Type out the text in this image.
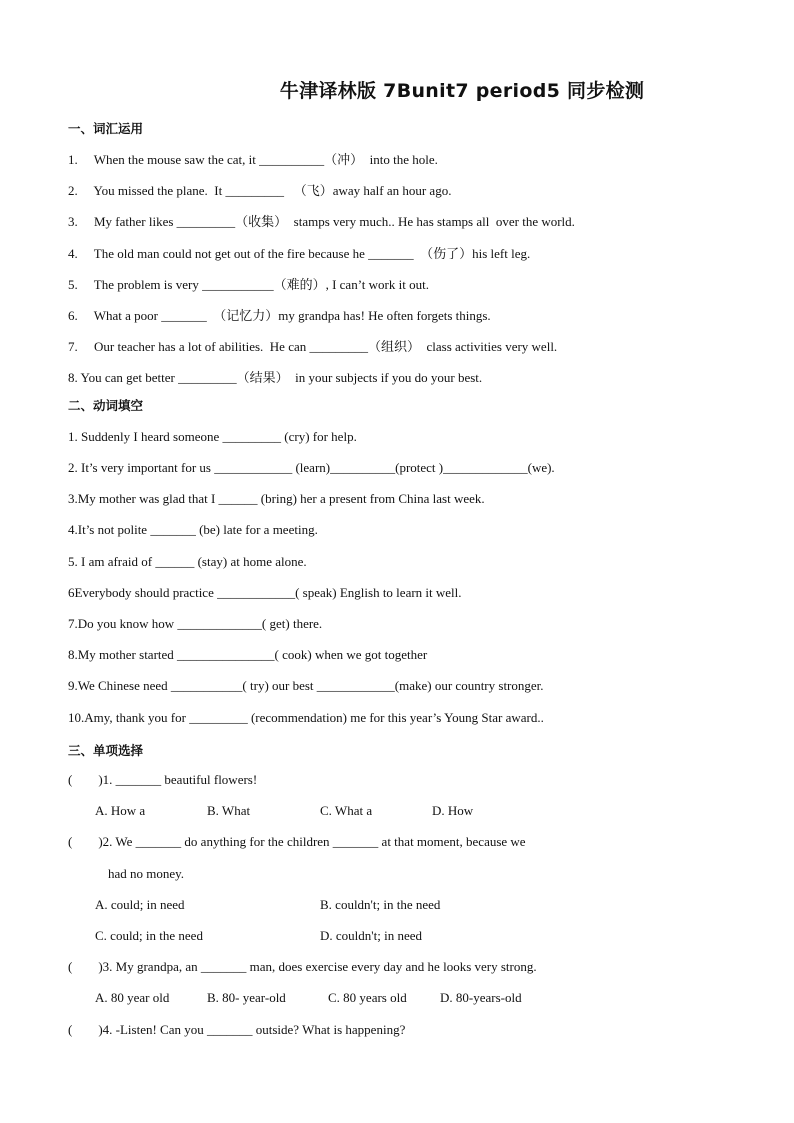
牛津译林版 7Bunit7 period5 同步检测
一、词汇运用
1.     When the mouse saw the cat, it __________（冲）  into the hole.
2.     You missed the plane.  It _________   （飞）away half an hour ago.
3.     My father likes _________（收集）  stamps very much.. He has stamps all  over the world.
4.     The old man could not get out of the fire because he _______  （伤了）his left leg.
5.     The problem is very ___________（难的）, I can’t work it out.
6.     What a poor _______  （记忆力）my grandpa has! He often forgets things.
7.     Our teacher has a lot of abilities.  He can _________（组织）  class activities very well.
8. You can get better _________（结果）  in your subjects if you do your best.
二、动词填空
1. Suddenly I heard someone _________ (cry) for help.
2. It’s very important for us ____________ (learn)__________(protect )_____________(we).
3.My mother was glad that I ______ (bring) her a present from China last week.
4.It’s not polite _______ (be) late for a meeting.
5. I am afraid of ______ (stay) at home alone.
6Everybody should practice ____________( speak) English to learn it well.
7.Do you know how _____________( get) there.
8.My mother started _______________( cook) when we got together
9.We Chinese need ___________( try) our best ____________(make) our country stronger.
10.Amy, thank you for _________ (recommendation) me for this year’s Young Star award..
三、单项选择
(        )1. _______ beautiful flowers!
A. How a	B. What	C. What a	D. How
(        )2. We _______ do anything for the children _______ at that moment, because we
had no money.
A. could; in need	B. couldn't; in the need
C. could; in the need	D. couldn't; in need
(        )3. My grandpa, an _______ man, does exercise every day and he looks very strong.
A. 80 year old	B. 80- year-old	C. 80 years old	D. 80-years-old
(        )4. -Listen! Can you _______ outside? What is happening?
